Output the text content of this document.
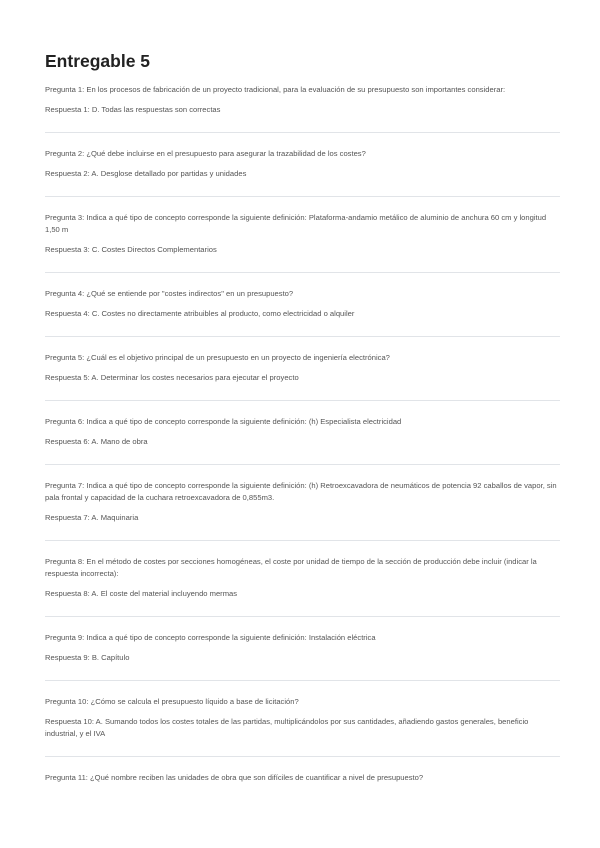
Entregable 5

Pregunta 1: En los procesos de fabricación de un proyecto tradicional, para la evaluación de su presupuesto son importantes considerar:

Respuesta 1: D. Todas las respuestas son correctas

Pregunta 2: ¿Qué debe incluirse en el presupuesto para asegurar la trazabilidad de los costes?

Respuesta 2: A. Desglose detallado por partidas y unidades

Pregunta 3: Indica a qué tipo de concepto corresponde la siguiente definición: Plataforma-andamio metálico de aluminio de anchura 60 cm y longitud 1,50 m

Respuesta 3: C. Costes Directos Complementarios

Pregunta 4: ¿Qué se entiende por "costes indirectos" en un presupuesto?

Respuesta 4: C. Costes no directamente atribuibles al producto, como electricidad o alquiler

Pregunta 5: ¿Cuál es el objetivo principal de un presupuesto en un proyecto de ingeniería electrónica?

Respuesta 5: A. Determinar los costes necesarios para ejecutar el proyecto

Pregunta 6: Indica a qué tipo de concepto corresponde la siguiente definición: (h) Especialista electricidad

Respuesta 6: A. Mano de obra

Pregunta 7: Indica a qué tipo de concepto corresponde la siguiente definición: (h) Retroexcavadora de neumáticos de potencia 92 caballos de vapor, sin pala frontal y capacidad de la cuchara retroexcavadora de 0,855m3.

Respuesta 7: A. Maquinaria

Pregunta 8: En el método de costes por secciones homogéneas, el coste por unidad de tiempo de la sección de producción debe incluir (indicar la respuesta incorrecta):

Respuesta 8: A. El coste del material incluyendo mermas

Pregunta 9: Indica a qué tipo de concepto corresponde la siguiente definición: Instalación eléctrica

Respuesta 9: B. Capítulo

Pregunta 10: ¿Cómo se calcula el presupuesto líquido a base de licitación?

Respuesta 10: A. Sumando todos los costes totales de las partidas, multiplicándolos por sus cantidades, añadiendo gastos generales, beneficio industrial, y el IVA

Pregunta 11: ¿Qué nombre reciben las unidades de obra que son difíciles de cuantificar a nivel de presupuesto?
